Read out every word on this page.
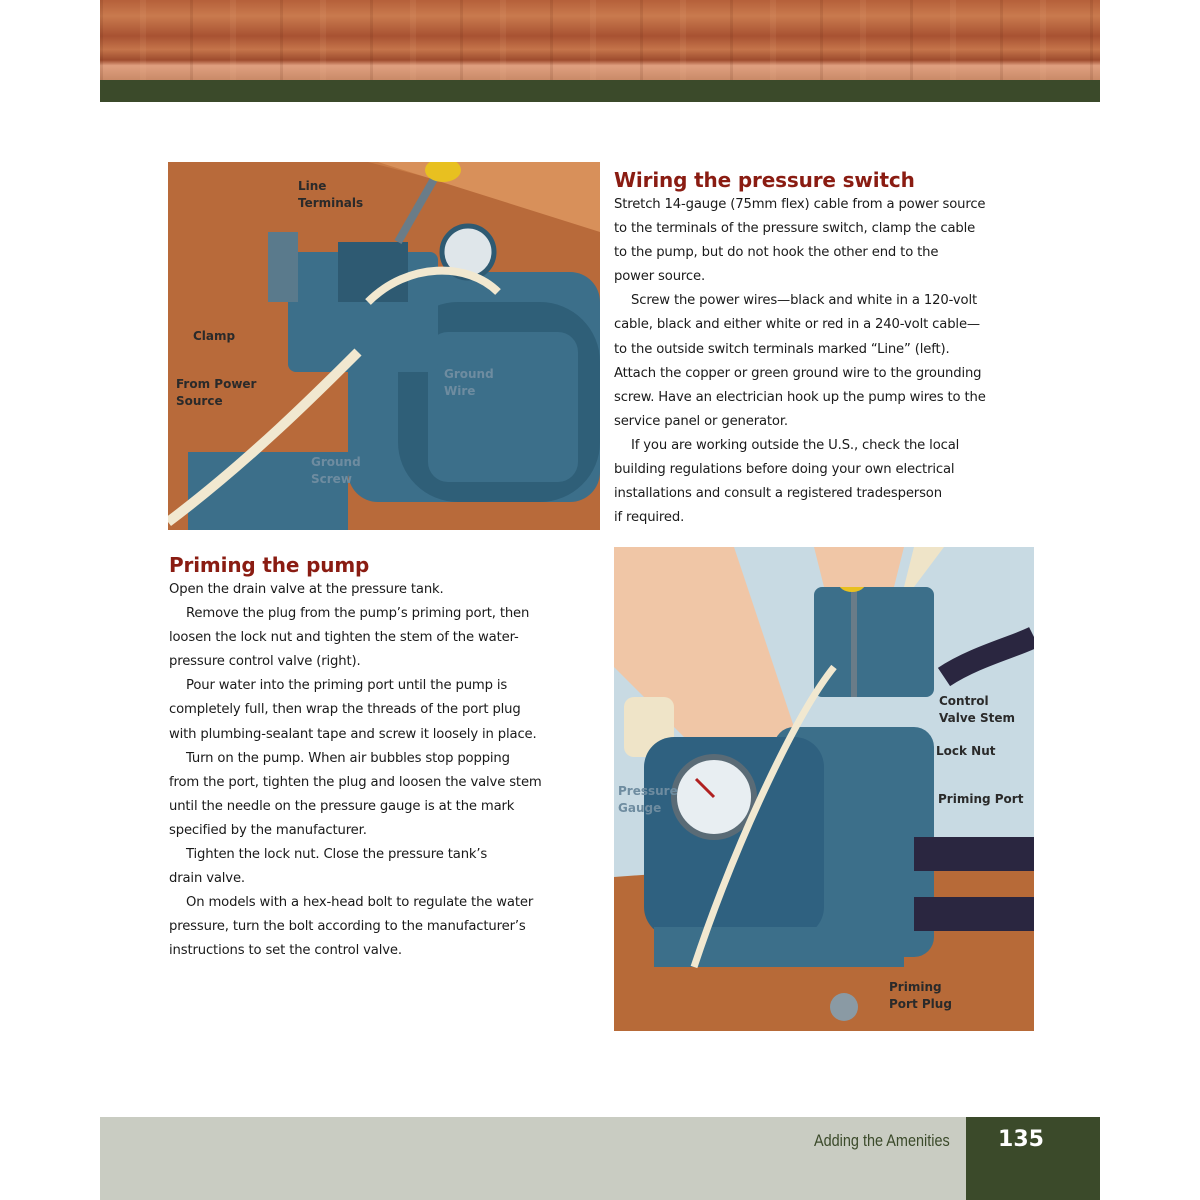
Line
Terminals
Clamp
From Power
Source
Ground
Wire
Ground
Screw
Wiring the pressure switch
Stretch 14-gauge (75mm flex) cable from a power source
to the terminals of the pressure switch, clamp the cable
to the pump, but do not hook the other end to the
power source.
Screw the power wires—black and white in a 120-volt
cable, black and either white or red in a 240-volt cable—
to the outside switch terminals marked “Line” (left).
Attach the copper or green ground wire to the grounding
screw. Have an electrician hook up the pump wires to the
service panel or generator.
If you are working outside the U.S., check the local
building regulations before doing your own electrical
installations and consult a registered tradesperson
if required.
Priming the pump
Open the drain valve at the pressure tank.
Remove the plug from the pump’s priming port, then
loosen the lock nut and tighten the stem of the water-
pressure control valve (right).
Pour water into the priming port until the pump is
completely full, then wrap the threads of the port plug
with plumbing-sealant tape and screw it loosely in place.
Turn on the pump. When air bubbles stop popping
from the port, tighten the plug and loosen the valve stem
until the needle on the pressure gauge is at the mark
specified by the manufacturer.
Tighten the lock nut. Close the pressure tank’s
drain valve.
On models with a hex-head bolt to regulate the water
pressure, turn the bolt according to the manufacturer’s
instructions to set the control valve.
Control
Valve Stem
Lock Nut
Priming Port
Pressure
Gauge
Priming
Port Plug
Adding the Amenities	135
